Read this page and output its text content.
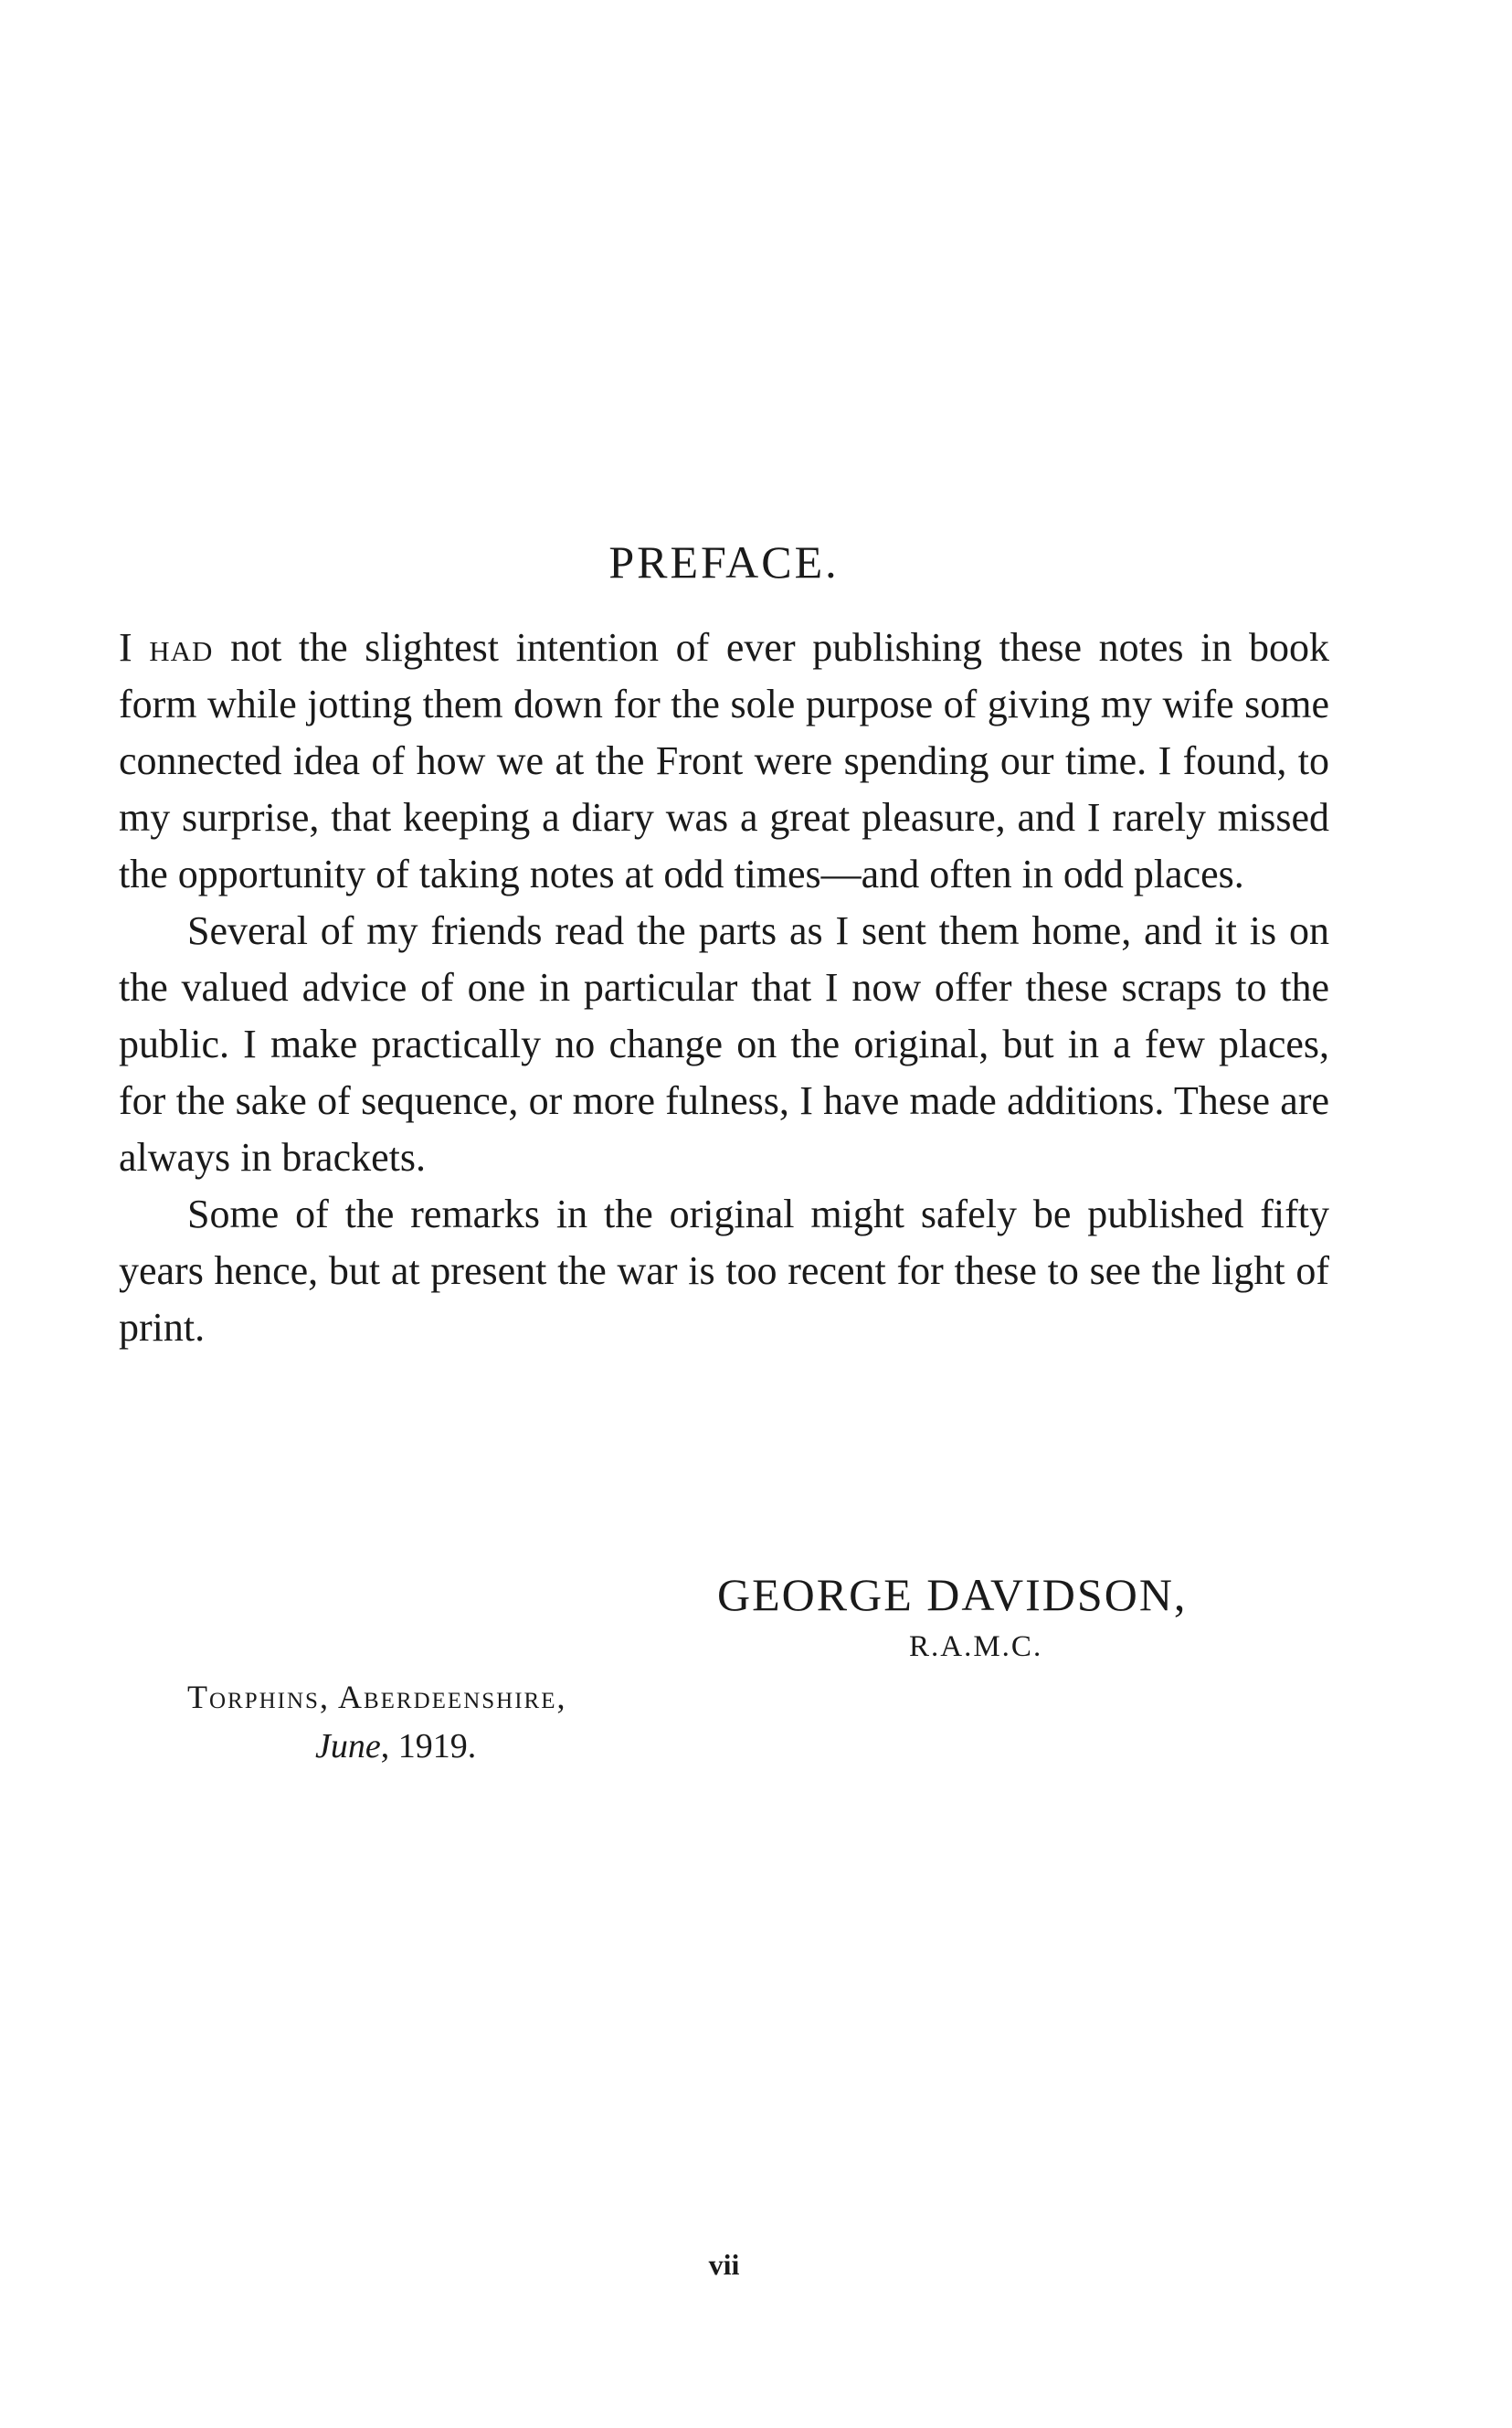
PREFACE.

I had not the slightest intention of ever publishing these notes in book form while jotting them down for the sole purpose of giving my wife some connected idea of how we at the Front were spending our time. I found, to my surprise, that keeping a diary was a great pleasure, and I rarely missed the opportunity of taking notes at odd times—and often in odd places.

Several of my friends read the parts as I sent them home, and it is on the valued advice of one in particular that I now offer these scraps to the public. I make practically no change on the original, but in a few places, for the sake of sequence, or more fulness, I have made additions. These are always in brackets.

Some of the remarks in the original might safely be published fifty years hence, but at present the war is too recent for these to see the light of print.

GEORGE DAVIDSON,
R.A.M.C.
Torphins, Aberdeenshire,
June, 1919.
vii
